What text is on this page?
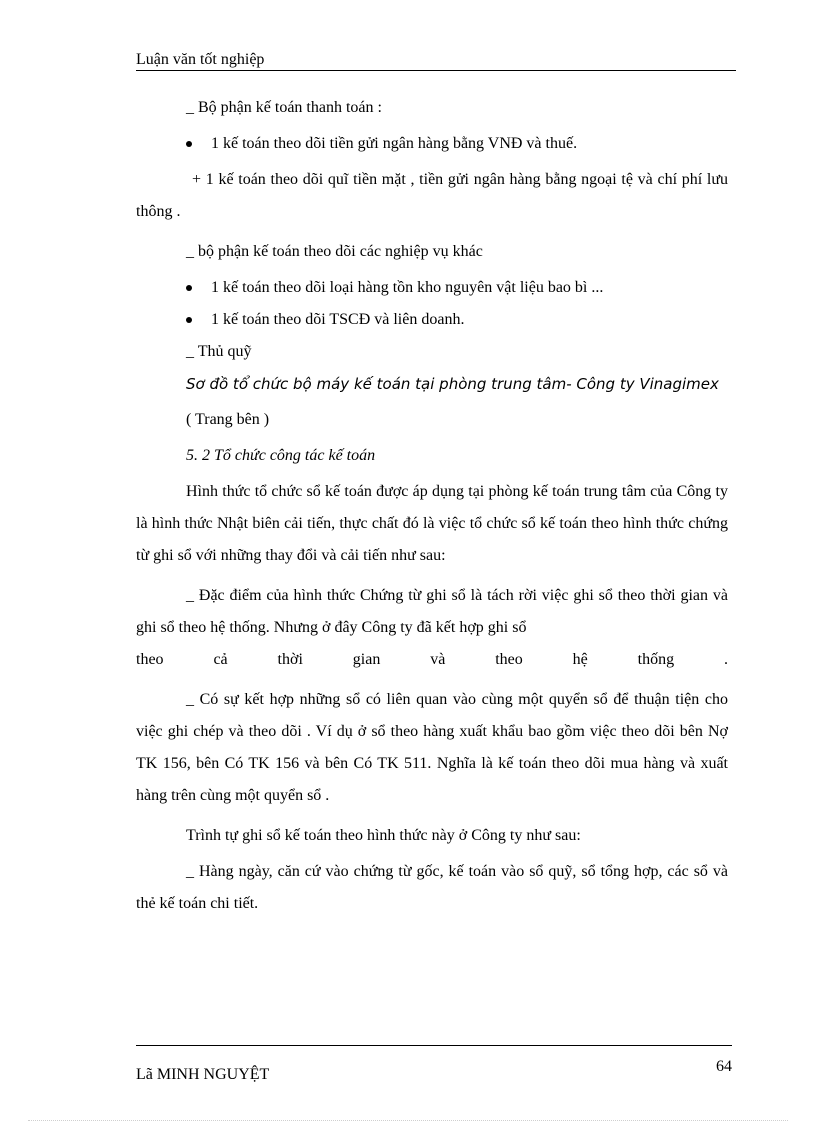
Luận văn tốt nghiệp

_ Bộ phận kế toán thanh toán :

1 kế toán theo dõi tiền gửi ngân hàng bằng VNĐ và thuế.

+ 1 kế toán theo dõi quĩ tiền mặt , tiền gửi ngân hàng bằng ngoại tệ và chí phí lưu thông .

_ bộ phận kế toán theo dõi các nghiệp vụ khác

1 kế toán theo dõi loại hàng tồn kho nguyên vật liệu bao bì ...
1 kế toán theo dõi TSCĐ và liên doanh.

_ Thủ quỹ

Sơ đồ tổ chức bộ máy kế toán tại phòng trung tâm- Công ty Vinagimex

( Trang bên )

5. 2 Tổ chức công tác kế toán

Hình thức tổ chức sổ kế toán được áp dụng tại phòng kế toán trung tâm của Công ty là hình thức Nhật biên cải tiến, thực chất đó là việc tổ chức sổ kế toán theo hình thức chứng từ ghi sổ với những thay đổi và cải tiến như sau:

_ Đặc điểm của hình thức Chứng từ ghi sổ là tách rời việc ghi sổ theo thời gian và ghi sổ theo hệ thống. Nhưng ở đây Công ty đã kết hợp ghi sổ

theo cả thời gian và theo hệ thống .

_ Có sự kết hợp những sổ có liên quan vào cùng một quyển sổ để thuận tiện cho việc ghi chép và theo dõi . Ví dụ ở sổ theo hàng xuất khẩu bao gồm việc theo dõi bên Nợ TK 156, bên Có TK 156 và bên Có TK 511. Nghĩa là kế toán theo dõi mua hàng và xuất hàng trên cùng một quyển sổ .

Trình tự ghi sổ kế toán theo hình thức này ở Công ty như sau:

_ Hàng ngày, căn cứ vào chứng từ gốc, kế toán vào sổ quỹ, sổ tổng hợp, các sổ và thẻ kế toán chi tiết.

Lã MINH NGUYỆT	64
